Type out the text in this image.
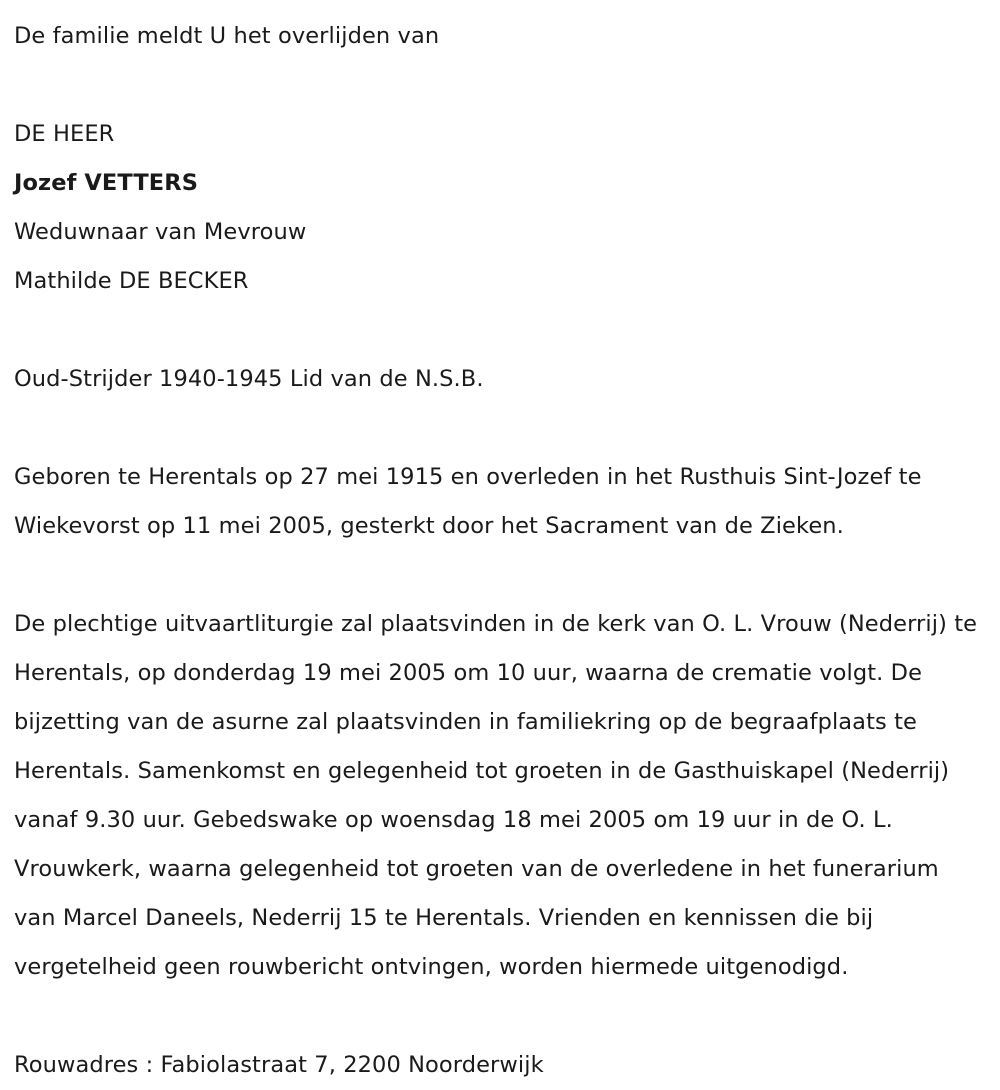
De familie meldt U het overlijden van

DE HEER

Jozef VETTERS

Weduwnaar van Mevrouw

Mathilde DE BECKER

Oud-Strijder 1940-1945 Lid van de N.S.B.

Geboren te Herentals op 27 mei 1915 en overleden in het Rusthuis Sint-Jozef te Wiekevorst op 11 mei 2005, gesterkt door het Sacrament van de Zieken.

De plechtige uitvaartliturgie zal plaatsvinden in de kerk van O. L. Vrouw (Nederrij) te Herentals, op donderdag 19 mei 2005 om 10 uur, waarna de crematie volgt. De bijzetting van de asurne zal plaatsvinden in familiekring op de begraafplaats te Herentals. Samenkomst en gelegenheid tot groeten in de Gasthuiskapel (Nederrij) vanaf 9.30 uur. Gebedswake op woensdag 18 mei 2005 om 19 uur in de O. L. Vrouwkerk, waarna gelegenheid tot groeten van de overledene in het funerarium van Marcel Daneels, Nederrij 15 te Herentals. Vrienden en kennissen die bij vergetelheid geen rouwbericht ontvingen, worden hiermede uitgenodigd.

Rouwadres : Fabiolastraat 7, 2200 Noorderwijk
